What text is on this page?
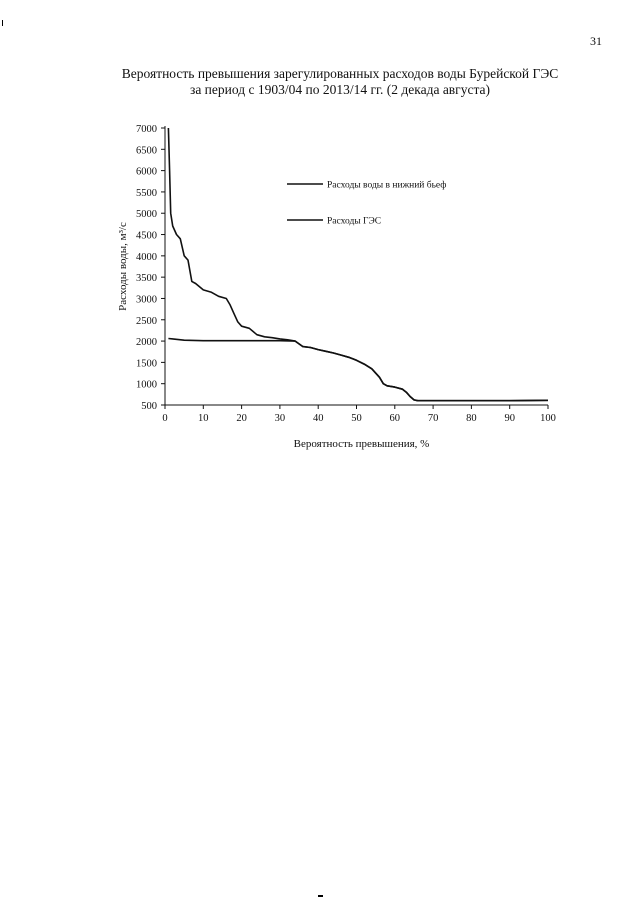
31
Вероятность превышения зарегулированных расходов воды Бурейской ГЭС
за период с 1903/04 по 2013/14 гг. (2 декада августа)
Расходы воды, м³/с
Вероятность превышения, %
500
1000
1500
2000
2500
3000
3500
4000
4500
5000
5500
6000
6500
7000
0	10	20	30	40	50	60	70	80	90 100
Расходы воды в нижний бьеф
Расходы ГЭС
